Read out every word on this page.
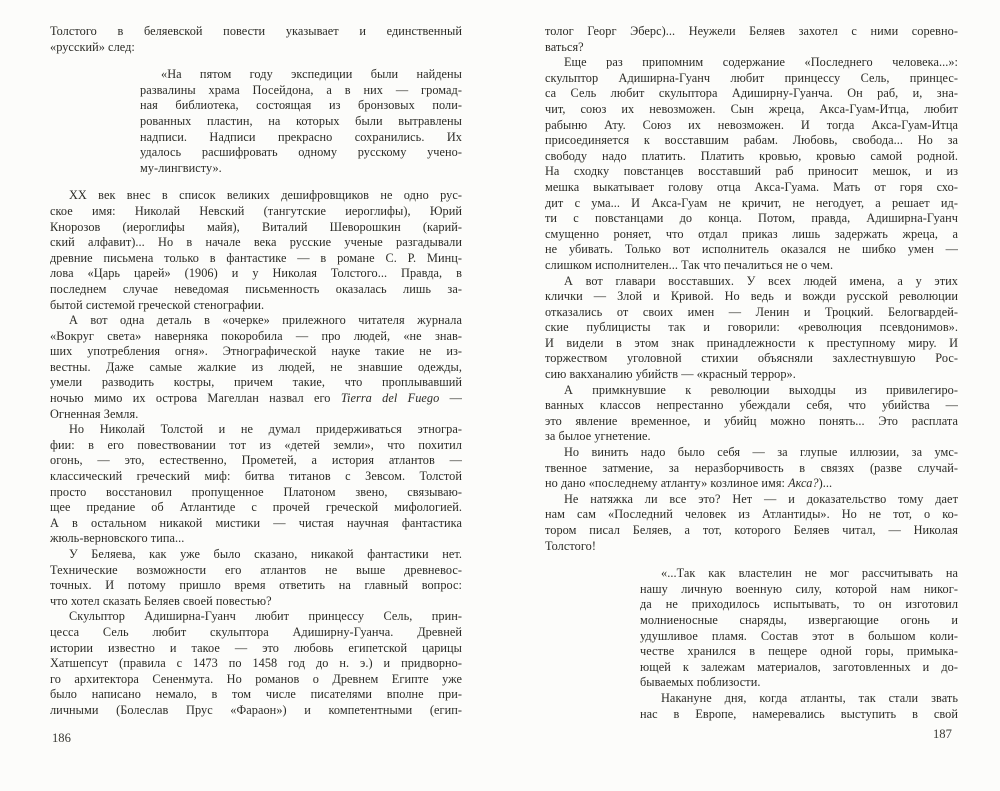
Толстого в беляевской повести указывает и единственный
«русский» след:
«На пятом году экспедиции были найдены
развалины храма Посейдона, а в них — громад-
ная библиотека, состоящая из бронзовых поли-
рованных пластин, на которых были вытравлены
надписи. Надписи прекрасно сохранились. Их
удалось расшифровать одному русскому учено-
му-лингвисту».
XX век внес в список великих дешифровщиков не одно рус-
ское имя: Николай Невский (тангутские иероглифы), Юрий
Кнорозов (иероглифы майя), Виталий Шеворошкин (карий-
ский алфавит)... Но в начале века русские ученые разгадывали
древние письмена только в фантастике — в романе С. Р. Минц-
лова «Царь царей» (1906) и у Николая Толстого... Правда, в
последнем случае неведомая письменность оказалась лишь за-
бытой системой греческой стенографии.
А вот одна деталь в «очерке» прилежного читателя журнала
«Вокруг света» наверняка покоробила — про людей, «не знав-
ших употребления огня». Этнографической науке такие не из-
вестны. Даже самые жалкие из людей, не знавшие одежды,
умели разводить костры, причем такие, что проплывавший
ночью мимо их острова Магеллан назвал его Tierra del Fuego —
Огненная Земля.
Но Николай Толстой и не думал придерживаться этногра-
фии: в его повествовании тот из «детей земли», что похитил
огонь, — это, естественно, Прометей, а история атлантов —
классический греческий миф: битва титанов с Зевсом. Толстой
просто восстановил пропущенное Платоном звено, связываю-
щее предание об Атлантиде с прочей греческой мифологией.
А в остальном никакой мистики — чистая научная фантастика
жюль-верновского типа...
У Беляева, как уже было сказано, никакой фантастики нет.
Технические возможности его атлантов не выше древневос-
точных. И потому пришло время ответить на главный вопрос:
что хотел сказать Беляев своей повестью?
Скульптор Адиширна-Гуанч любит принцессу Сель, прин-
цесса Сель любит скульптора Адиширну-Гуанча. Древней
истории известно и такое — это любовь египетской царицы
Хатшепсут (правила с 1473 по 1458 год до н. э.) и придворно-
го архитектора Сененмута. Но романов о Древнем Египте уже
было написано немало, в том числе писателями вполне при-
личными (Болеслав Прус «Фараон») и компетентными (егип-
толог Георг Эберс)... Неужели Беляев захотел с ними соревно-
ваться?
Еще раз припомним содержание «Последнего человека...»:
скульптор Адиширна-Гуанч любит принцессу Сель, принцес-
са Сель любит скульптора Адиширну-Гуанча. Он раб, и, зна-
чит, союз их невозможен. Сын жреца, Акса-Гуам-Итца, любит
рабыню Ату. Союз их невозможен. И тогда Акса-Гуам-Итца
присоединяется к восставшим рабам. Любовь, свобода... Но за
свободу надо платить. Платить кровью, кровью самой родной.
На сходку повстанцев восставший раб приносит мешок, и из
мешка выкатывает голову отца Акса-Гуама. Мать от горя схо-
дит с ума... И Акса-Гуам не кричит, не негодует, а решает ид-
ти с повстанцами до конца. Потом, правда, Адиширна-Гуанч
смущенно роняет, что отдал приказ лишь задержать жреца, а
не убивать. Только вот исполнитель оказался не шибко умен —
слишком исполнителен... Так что печалиться не о чем.
А вот главари восставших. У всех людей имена, а у этих
клички — Злой и Кривой. Но ведь и вожди русской революции
отказались от своих имен — Ленин и Троцкий. Белогвардей-
ские публицисты так и говорили: «революция псевдонимов».
И видели в этом знак принадлежности к преступному миру. И
торжеством уголовной стихии объясняли захлестнувшую Рос-
сию вакханалию убийств — «красный террор».
А примкнувшие к революции выходцы из привилегиро-
ванных классов непрестанно убеждали себя, что убийства —
это явление временное, и убийц можно понять... Это расплата
за былое угнетение.
Но винить надо было себя — за глупые иллюзии, за умс-
твенное затмение, за неразборчивость в связях (разве случай-
но дано «последнему атланту» козлиное имя: Акса?)...
Не натяжка ли все это? Нет — и доказательство тому дает
нам сам «Последний человек из Атлантиды». Но не тот, о ко-
тором писал Беляев, а тот, которого Беляев читал, — Николая
Толстого!
«...Так как властелин не мог рассчитывать на
нашу личную военную силу, которой нам никог-
да не приходилось испытывать, то он изготовил
молниеносные снаряды, извергающие огонь и
удушливое пламя. Состав этот в большом коли-
честве хранился в пещере одной горы, примыка-
ющей к залежам материалов, заготовленных и до-
бываемых поблизости.
Накануне дня, когда атланты, так стали звать
нас в Европе, намеревались выступить в свой
186	187
